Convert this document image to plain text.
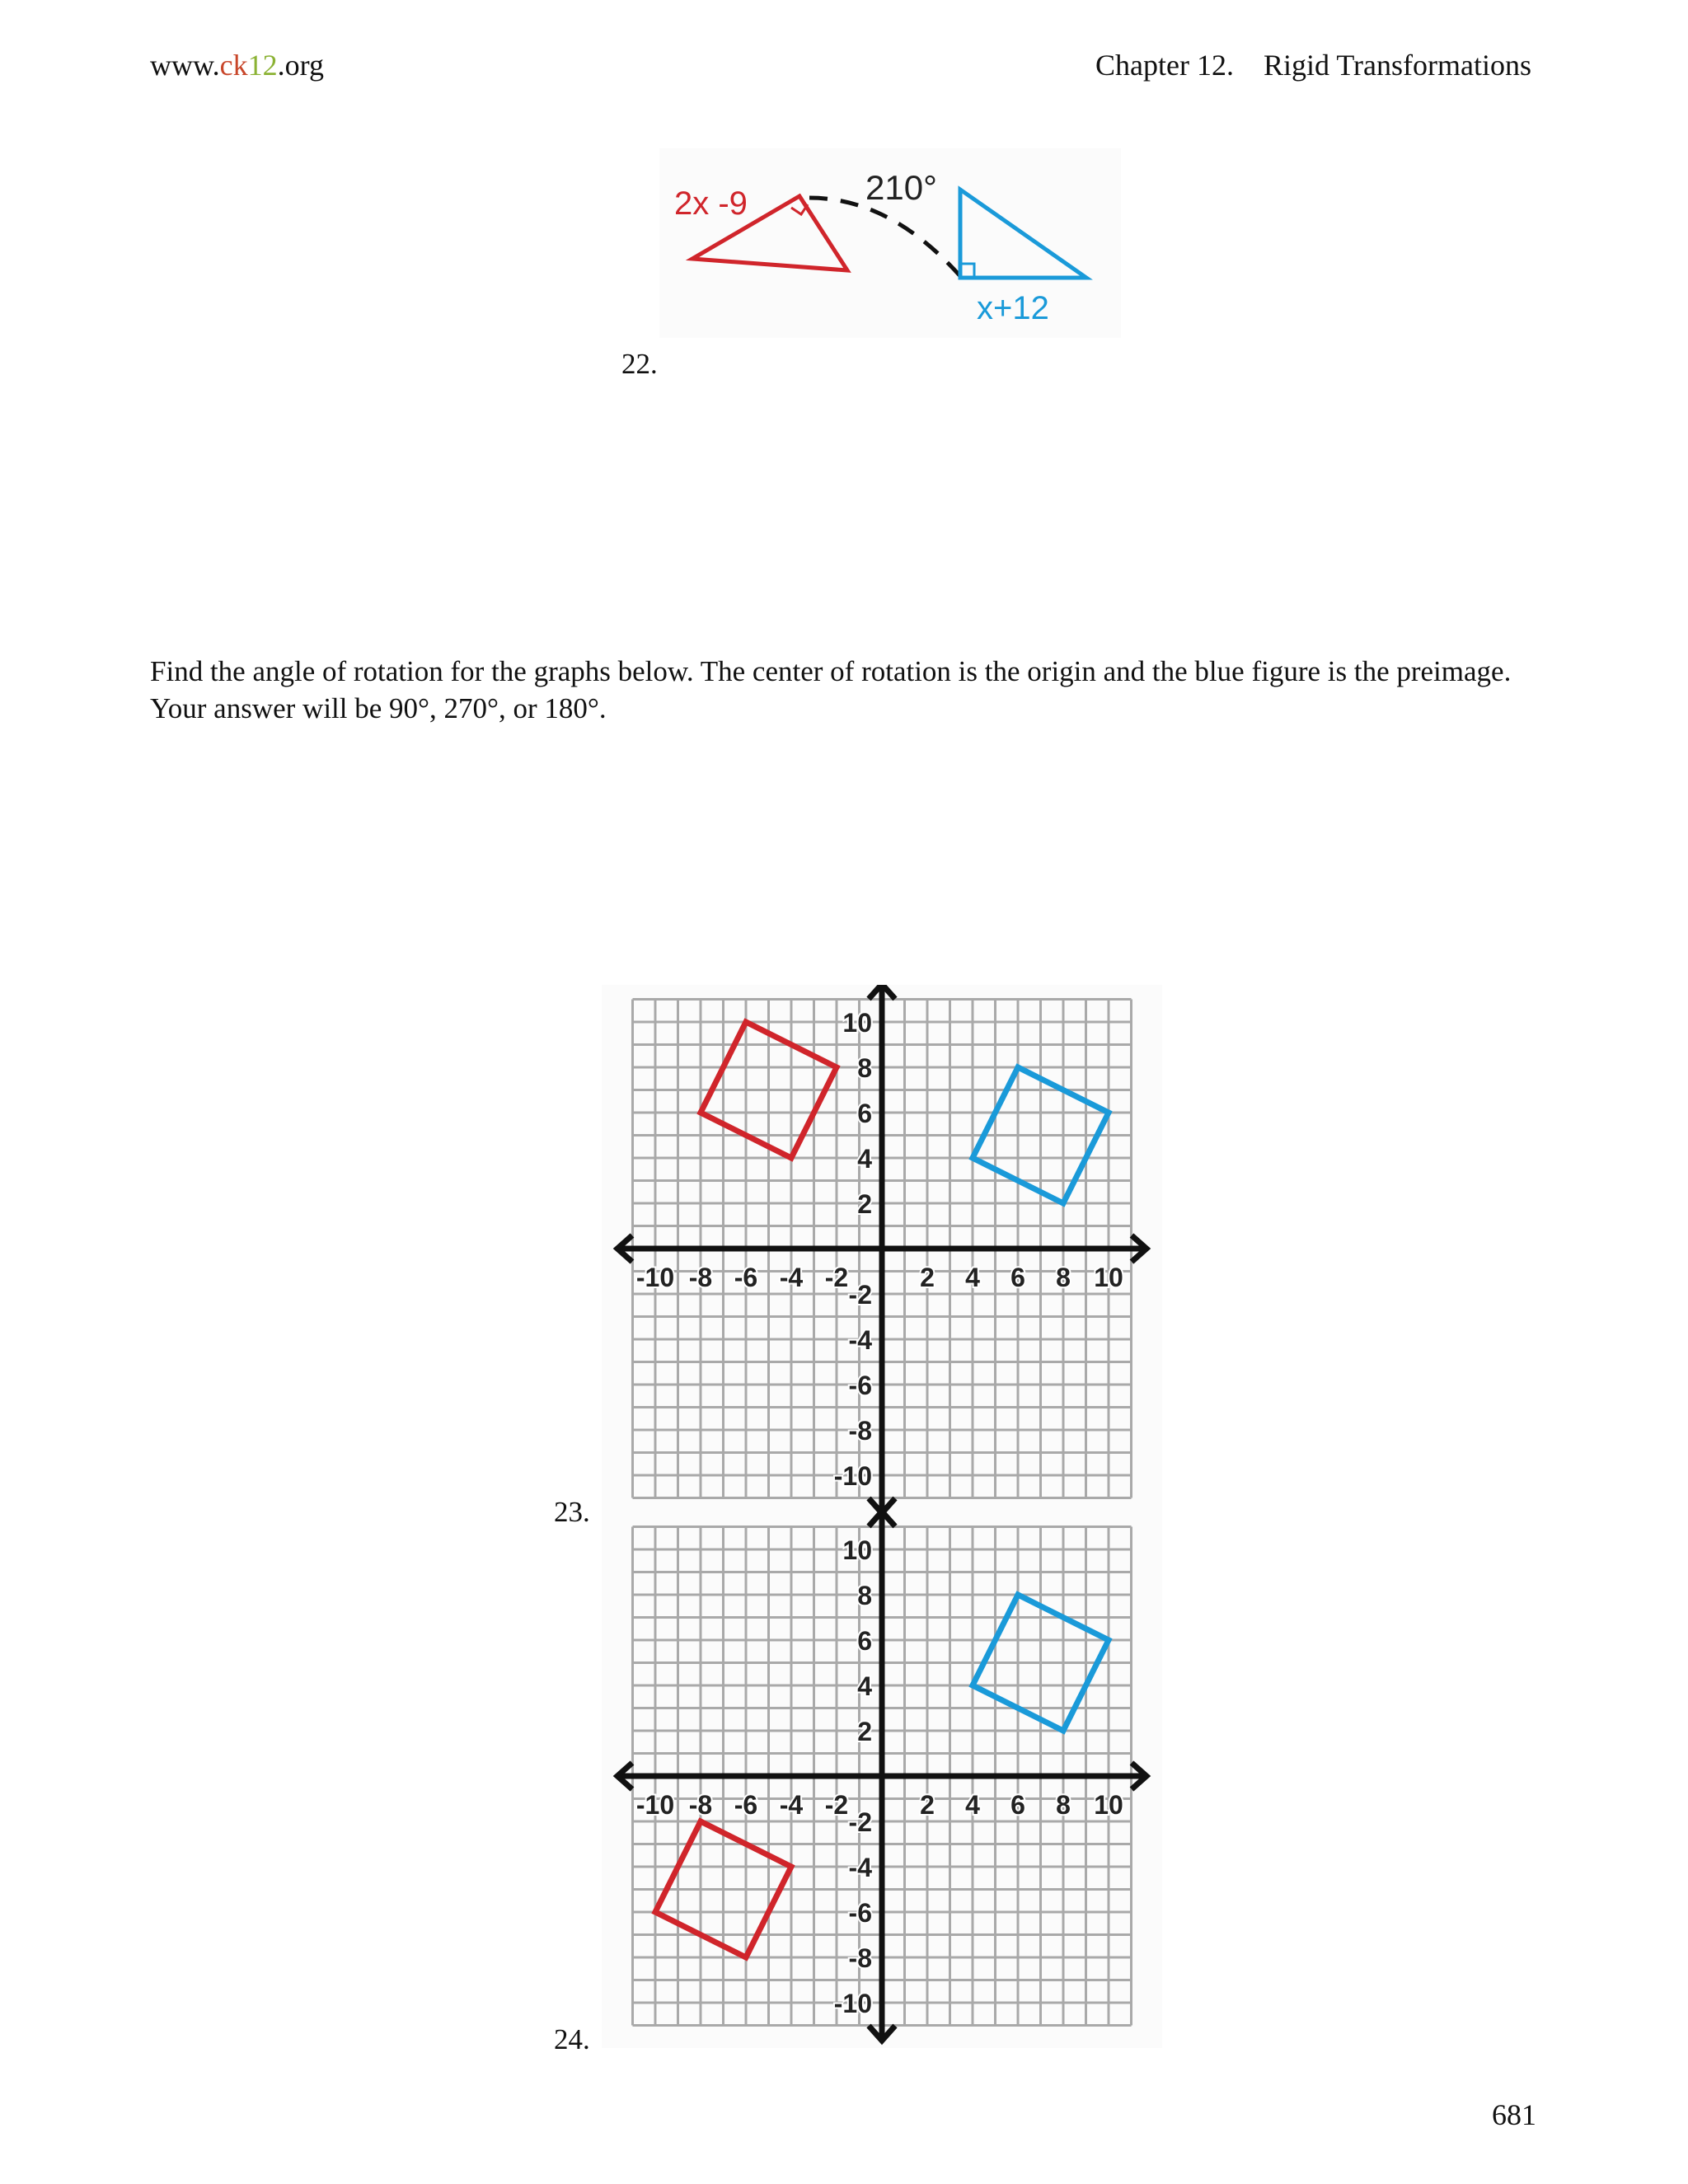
www.ck12.org	Chapter 12.    Rigid Transformations
2x -9	210°
x+12
22.
Find the angle of rotation for the graphs below. The center of rotation is the origin and the blue figure is the preimage.
Your answer will be 90°, 270°, or 180°.
-10 -8 -6 -4 -2	2 4 6 8 10
10
8
6
4
2
-2
-4
-6
-8
-10
23.
-10 -8 -6 -4 -2	2 4 6 8 10
10
8
6
4
2
-2
-4
-6
-8
-10
24.
681
